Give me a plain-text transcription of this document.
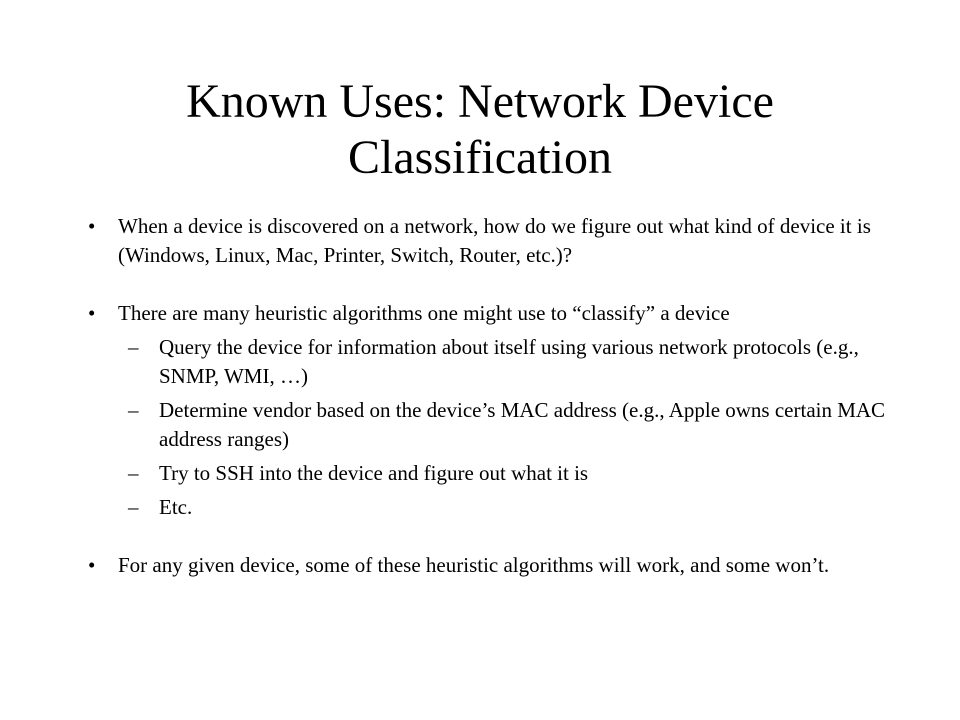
Known Uses: Network Device
Classification
• When a device is discovered on a network, how do we figure out what kind of device it is (Windows, Linux, Mac, Printer, Switch, Router, etc.)?
• There are many heuristic algorithms one might use to “classify” a device
– Query the device for information about itself using various network protocols (e.g., SNMP, WMI, …)
– Determine vendor based on the device’s MAC address (e.g., Apple owns certain MAC address ranges)
– Try to SSH into the device and figure out what it is
– Etc.
• For any given device, some of these heuristic algorithms will work, and some won’t.
